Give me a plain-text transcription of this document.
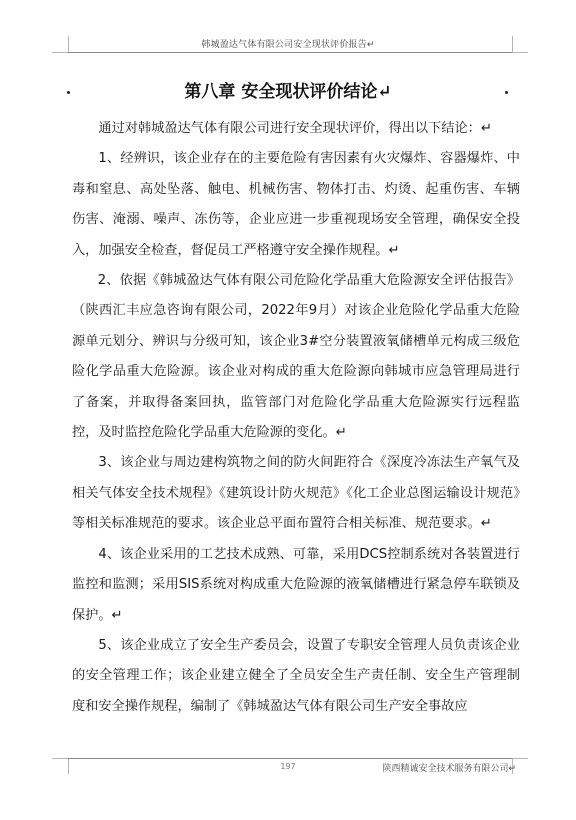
韩城盈达气体有限公司安全现状评价报告↵
第八章 安全现状评价结论↵

通过对韩城盈达气体有限公司进行安全现状评价，得出以下结论：↵

1、经辨识，该企业存在的主要危险有害因素有火灾爆炸、容器爆炸、中毒和窒息、高处坠落、触电、机械伤害、物体打击、灼烫、起重伤害、车辆伤害、淹溺、噪声、冻伤等，企业应进一步重视现场安全管理，确保安全投入，加强安全检查，督促员工严格遵守安全操作规程。↵

2、依据《韩城盈达气体有限公司危险化学品重大危险源安全评估报告》（陕西汇丰应急咨询有限公司，2022年9月）对该企业危险化学品重大危险源单元划分、辨识与分级可知，该企业3#空分装置液氧储槽单元构成三级危险化学品重大危险源。该企业对构成的重大危险源向韩城市应急管理局进行了备案，并取得备案回执，监管部门对危险化学品重大危险源实行远程监控，及时监控危险化学品重大危险源的变化。↵

3、该企业与周边建构筑物之间的防火间距符合《深度冷冻法生产氧气及相关气体安全技术规程》《建筑设计防火规范》《化工企业总图运输设计规范》等相关标准规范的要求。该企业总平面布置符合相关标准、规范要求。↵

4、该企业采用的工艺技术成熟、可靠，采用DCS控制系统对各装置进行监控和监测；采用SIS系统对构成重大危险源的液氧储槽进行紧急停车联锁及保护。↵

5、该企业成立了安全生产委员会，设置了专职安全管理人员负责该企业的安全管理工作；该企业建立健全了全员安全生产责任制、安全生产管理制度和安全操作规程，编制了《韩城盈达气体有限公司生产安全事故应

197	陕西精诚安全技术服务有限公司↵
